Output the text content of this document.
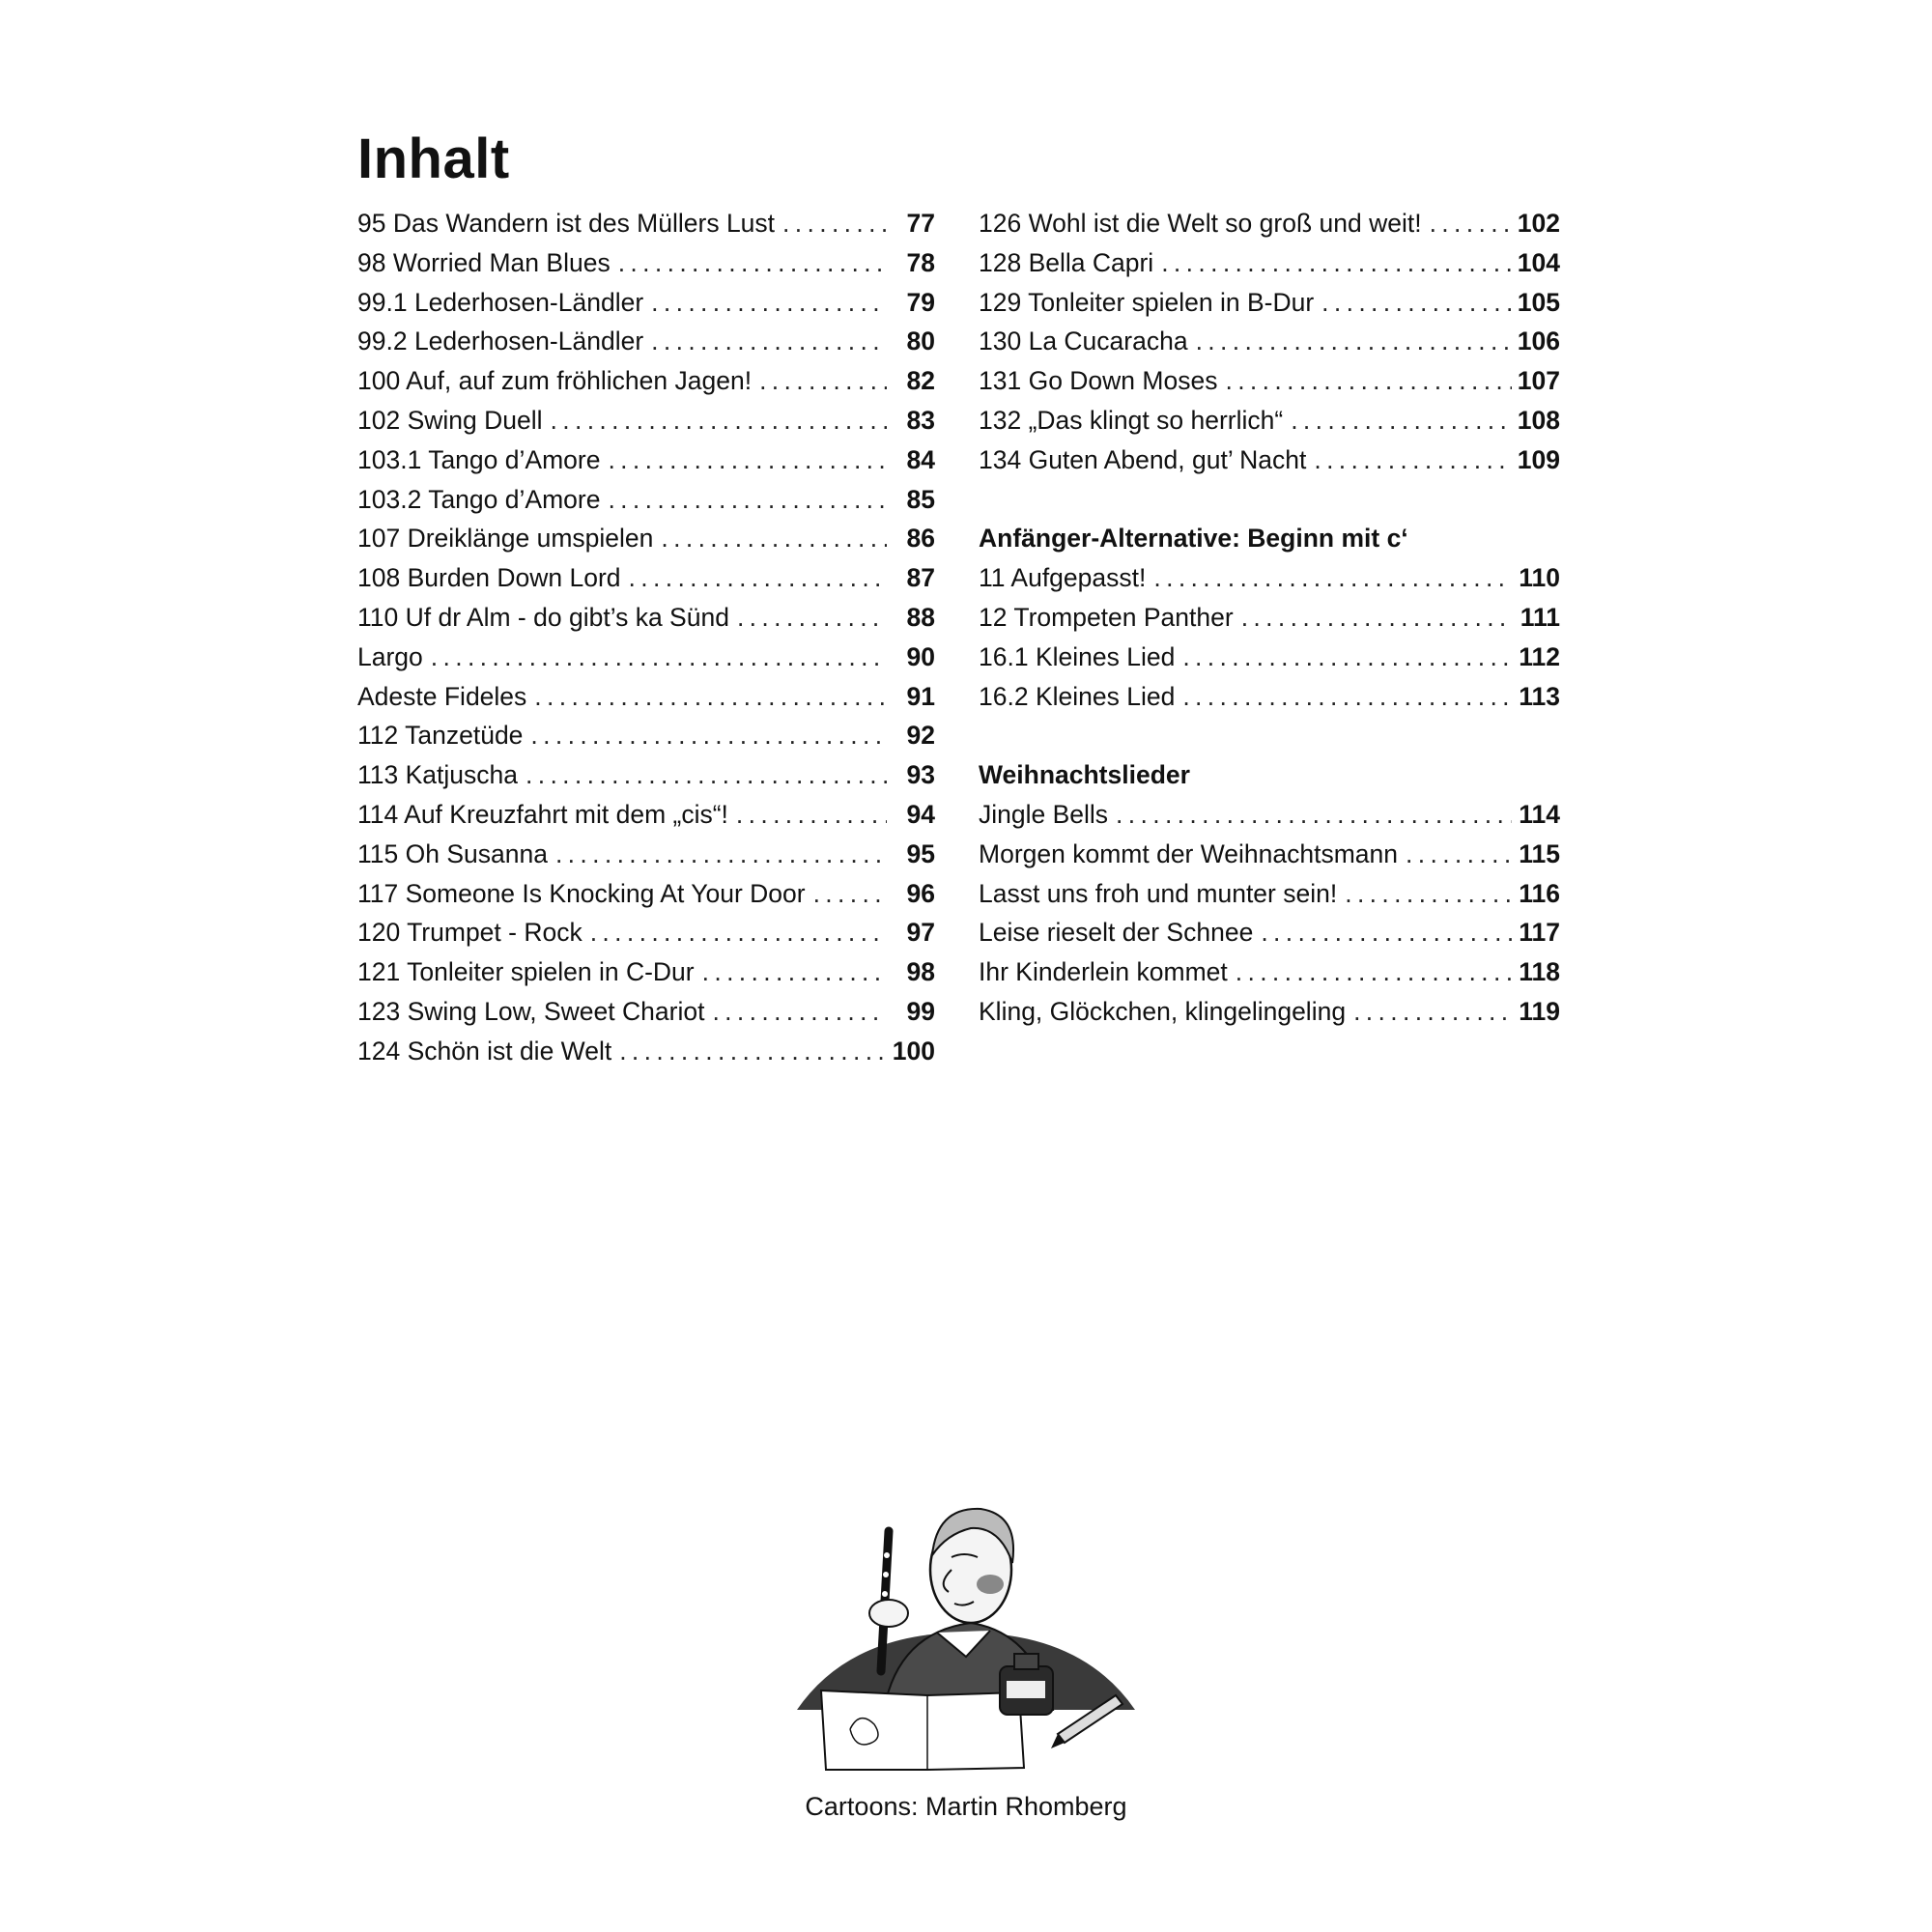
Inhalt
95 Das Wandern ist des Müllers Lust . . .	77
98 Worried Man Blues . . .	78
99.1 Lederhosen-Ländler . . .	79
99.2 Lederhosen-Ländler . . .	80
100 Auf, auf zum fröhlichen Jagen! . . .	82
102 Swing Duell . . .	83
103.1 Tango d’Amore . . .	84
103.2 Tango d’Amore . . .	85
107 Dreiklänge umspielen . . .	86
108 Burden Down Lord . . .	87
110 Uf dr Alm - do gibt’s ka Sünd . . .	88
Largo . . .	90
Adeste Fideles . . .	91
112 Tanzetüde . . .	92
113 Katjuscha . . .	93
114 Auf Kreuzfahrt mit dem „cis“! . . .	94
115 Oh Susanna . . .	95
117 Someone Is Knocking At Your Door . . .	96
120 Trumpet - Rock . . .	97
121 Tonleiter spielen in C-Dur . . .	98
123 Swing Low, Sweet Chariot . . .	99
124 Schön ist die Welt . . .	100
126 Wohl ist die Welt so groß und weit! . . .	102
128 Bella Capri . . .	104
129 Tonleiter spielen in B-Dur . . .	105
130 La Cucaracha . . .	106
131 Go Down Moses . . .	107
132 „Das klingt so herrlich“ . . .	108
134 Guten Abend, gut’ Nacht . . .	109
Anfänger-Alternative: Beginn mit c‘
11 Aufgepasst! . . .	110
12 Trompeten Panther . . .	111
16.1 Kleines Lied . . .	112
16.2 Kleines Lied . . .	113
Weihnachtslieder
Jingle Bells . . .	114
Morgen kommt der Weihnachtsmann . . .	115
Lasst uns froh und munter sein! . . .	116
Leise rieselt der Schnee . . .	117
Ihr Kinderlein kommet . . .	118
Kling, Glöckchen, klingelingeling . . .	119
Cartoons: Martin Rhomberg
